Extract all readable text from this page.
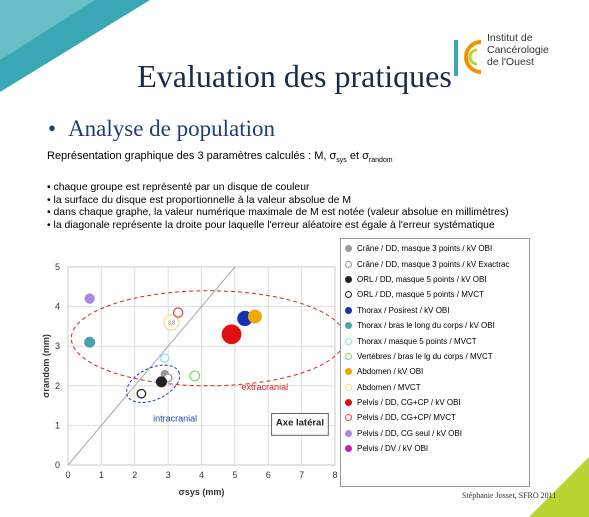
Institut de
Cancérologie
de l'Ouest
Evaluation des pratiques
• Analyse de population
Représentation graphique des 3 paramètres calculés : M, $\sigma_{sys}$ et $\sigma_{random}$
• chaque groupe est représenté par un disque de couleur
• la surface du disque est proportionnelle à la valeur absolue de M
• dans chaque graphe, la valeur numérique maximale de M est notée (valeur absolue en millimètres)
• la diagonale représente la droite pour laquelle l'erreur aléatoire est égale à l'erreur systématique
0	1	2	3	4	5	6	7	8
0
1
2
3
4
5
extracranial
intracranial
3,8
Axe latéral
σsys (mm)
σrandom (mm)
Crâne / DD, masque 3 points / kV OBI
Crâne / DD, masque 3 points / kV Exactrac
ORL / DD, masque 5 points / kV OBI
ORL / DD, masque 5 points / MVCT
Thorax / Posirest / kV OBI
Thorax / bras le long du corps / kV OBI
Thorax / masque 5 points / MVCT
Vertèbres / bras le lg du corps / MVCT
Abdomen / kV OBI
Abdomen / MVCT
Pelvis / DD, CG+CP / kV OBI
Pelvis / DD, CG+CP/ MVCT
Pelvis / DD, CG seul / kV OBI
Pelvis / DV / kV OBI
Stéphanie Josset, SFRO 2011
